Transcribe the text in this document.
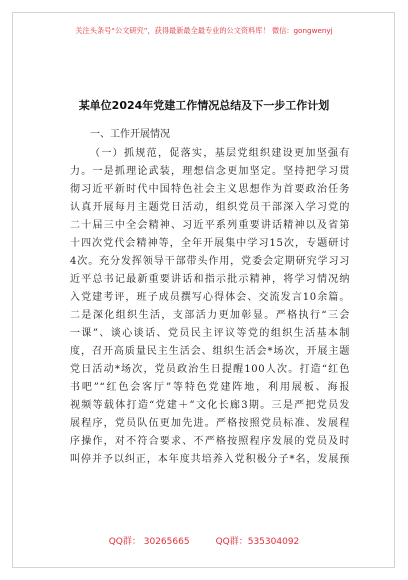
关注头条号“公文研究”，获得最新最全最专业的公文资料库！ 微信：gongwenyj
某单位2024年党建工作情况总结及下一步工作计划
一、工作开展情况
（一）抓规范，促落实，基层党组织建设更加坚强有
力。一是抓理论武装，理想信念更加坚定。坚持把学习贯
彻习近平新时代中国特色社会主义思想作为首要政治任务
认真开展每月主题党日活动，组织党员干部深入学习党的
二十届三中全会精神、习近平系列重要讲话精神以及省第
十四次党代会精神等，全年开展集中学习15次，专题研讨
4次。充分发挥领导干部带头作用，党委会定期研究学习习
近平总书记最新重要讲话和指示批示精神，将学习情况纳
入党建考评，班子成员撰写心得体会、交流发言10余篇。
二是深化组织生活，支部活力更加彰显。严格执行“三会
一课”、谈心谈话、党员民主评议等党的组织生活基本制
度，召开高质量民主生活会、组织生活会*场次，开展主题
党日活动*场次，党员政治生日提醒100人次。打造“红色
书吧”“红色会客厅”等特色党建阵地，利用展板、海报
视频等载体打造“党建＋”文化长廊3期。三是严把党员发
展程序，党员队伍更加先进。严格按照党员标准、发展程
序操作，对不符合要求、不严格按照程序发展的党员及时
叫停并予以纠正，本年度共培养入党积极分子*名，发展预
QQ群： 30265665	QQ群：535304092
